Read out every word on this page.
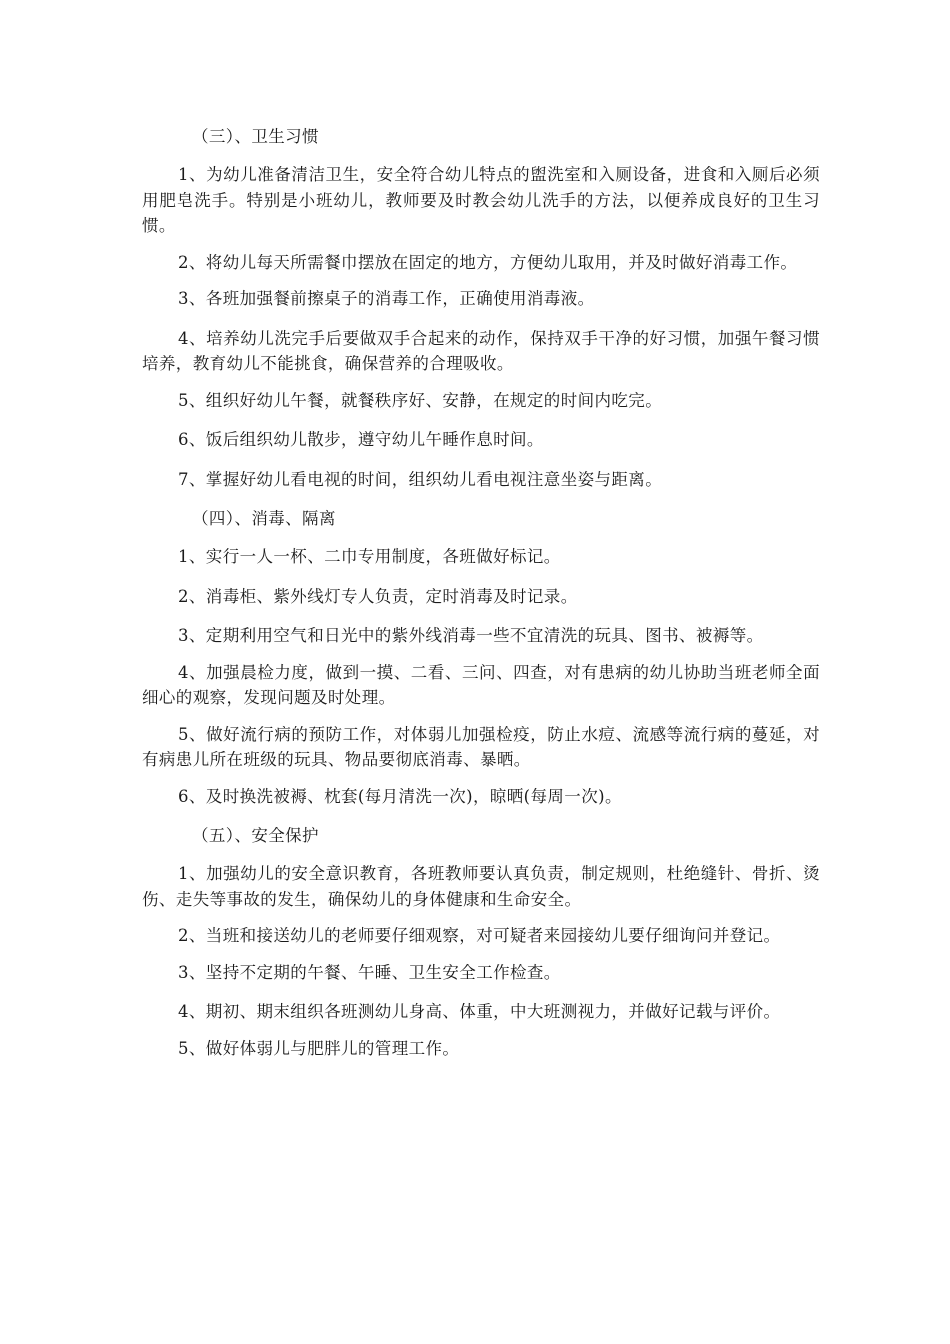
（三）、卫生习惯

1、为幼儿准备清洁卫生，安全符合幼儿特点的盥洗室和入厕设备，进食和入厕后必须用肥皂洗手。特别是小班幼儿，教师要及时教会幼儿洗手的方法，以便养成良好的卫生习惯。

2、将幼儿每天所需餐巾摆放在固定的地方，方便幼儿取用，并及时做好消毒工作。

3、各班加强餐前擦桌子的消毒工作，正确使用消毒液。

4、培养幼儿洗完手后要做双手合起来的动作，保持双手干净的好习惯，加强午餐习惯培养，教育幼儿不能挑食，确保营养的合理吸收。

5、组织好幼儿午餐，就餐秩序好、安静，在规定的时间内吃完。

6、饭后组织幼儿散步，遵守幼儿午睡作息时间。

7、掌握好幼儿看电视的时间，组织幼儿看电视注意坐姿与距离。

（四）、消毒、隔离

1、实行一人一杯、二巾专用制度，各班做好标记。

2、消毒柜、紫外线灯专人负责，定时消毒及时记录。

3、定期利用空气和日光中的紫外线消毒一些不宜清洗的玩具、图书、被褥等。

4、加强晨检力度，做到一摸、二看、三问、四查，对有患病的幼儿协助当班老师全面细心的观察，发现问题及时处理。

5、做好流行病的预防工作，对体弱儿加强检疫，防止水痘、流感等流行病的蔓延，对有病患儿所在班级的玩具、物品要彻底消毒、暴晒。

6、及时换洗被褥、枕套(每月清洗一次)，晾晒(每周一次)。

（五）、安全保护

1、加强幼儿的安全意识教育，各班教师要认真负责，制定规则，杜绝缝针、骨折、烫伤、走失等事故的发生，确保幼儿的身体健康和生命安全。

2、当班和接送幼儿的老师要仔细观察，对可疑者来园接幼儿要仔细询问并登记。

3、坚持不定期的午餐、午睡、卫生安全工作检查。

4、期初、期末组织各班测幼儿身高、体重，中大班测视力，并做好记载与评价。

5、做好体弱儿与肥胖儿的管理工作。
